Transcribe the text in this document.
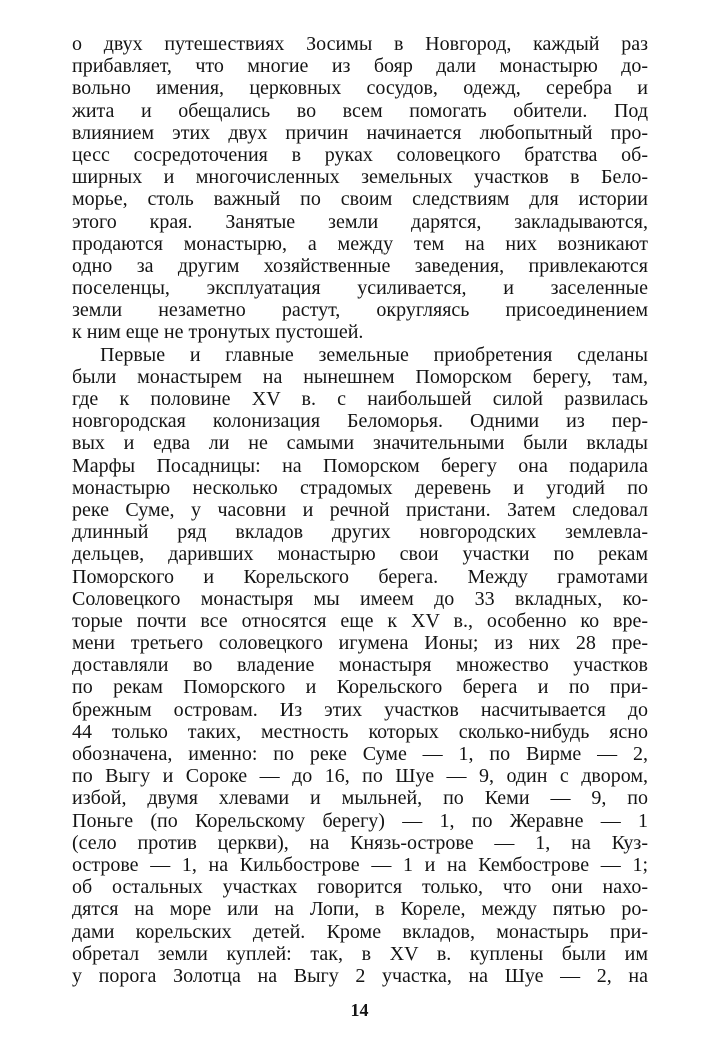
о двух путешествиях Зосимы в Новгород, каждый раз
прибавляет, что многие из бояр дали монастырю до-
вольно имения, церковных сосудов, одежд, серебра и
жита и обещались во всем помогать обители. Под
влиянием этих двух причин начинается любопытный про-
цесс сосредоточения в руках соловецкого братства об-
ширных и многочисленных земельных участков в Бело-
морье, столь важный по своим следствиям для истории
этого края. Занятые земли дарятся, закладываются,
продаются монастырю, а между тем на них возникают
одно за другим хозяйственные заведения, привлекаются
поселенцы, эксплуатация усиливается, и заселенные
земли незаметно растут, округляясь присоединением
к ним еще не тронутых пустошей.
Первые и главные земельные приобретения сделаны
были монастырем на нынешнем Поморском берегу, там,
где к половине XV в. с наибольшей силой развилась
новгородская колонизация Беломорья. Одними из пер-
вых и едва ли не самыми значительными были вклады
Марфы Посадницы: на Поморском берегу она подарила
монастырю несколько страдомых деревень и угодий по
реке Суме, у часовни и речной пристани. Затем следовал
длинный ряд вкладов других новгородских землевла-
дельцев, даривших монастырю свои участки по рекам
Поморского и Корельского берега. Между грамотами
Соловецкого монастыря мы имеем до 33 вкладных, ко-
торые почти все относятся еще к XV в., особенно ко вре-
мени третьего соловецкого игумена Ионы; из них 28 пре-
доставляли во владение монастыря множество участков
по рекам Поморского и Корельского берега и по при-
брежным островам. Из этих участков насчитывается до
44 только таких, местность которых сколько-нибудь ясно
обозначена, именно: по реке Суме — 1, по Вирме — 2,
по Выгу и Сороке — до 16, по Шуе — 9, один с двором,
избой, двумя хлевами и мыльней, по Кеми — 9, по
Поньге (по Корельскому берегу) — 1, по Жеравне — 1
(село против церкви), на Князь-острове — 1, на Куз-
острове — 1, на Кильбострове — 1 и на Кембострове — 1;
об остальных участках говорится только, что они нахо-
дятся на море или на Лопи, в Кореле, между пятью ро-
дами корельских детей. Кроме вкладов, монастырь при-
обретал земли куплей: так, в XV в. куплены были им
у порога Золотца на Выгу 2 участка, на Шуе — 2, на
14
